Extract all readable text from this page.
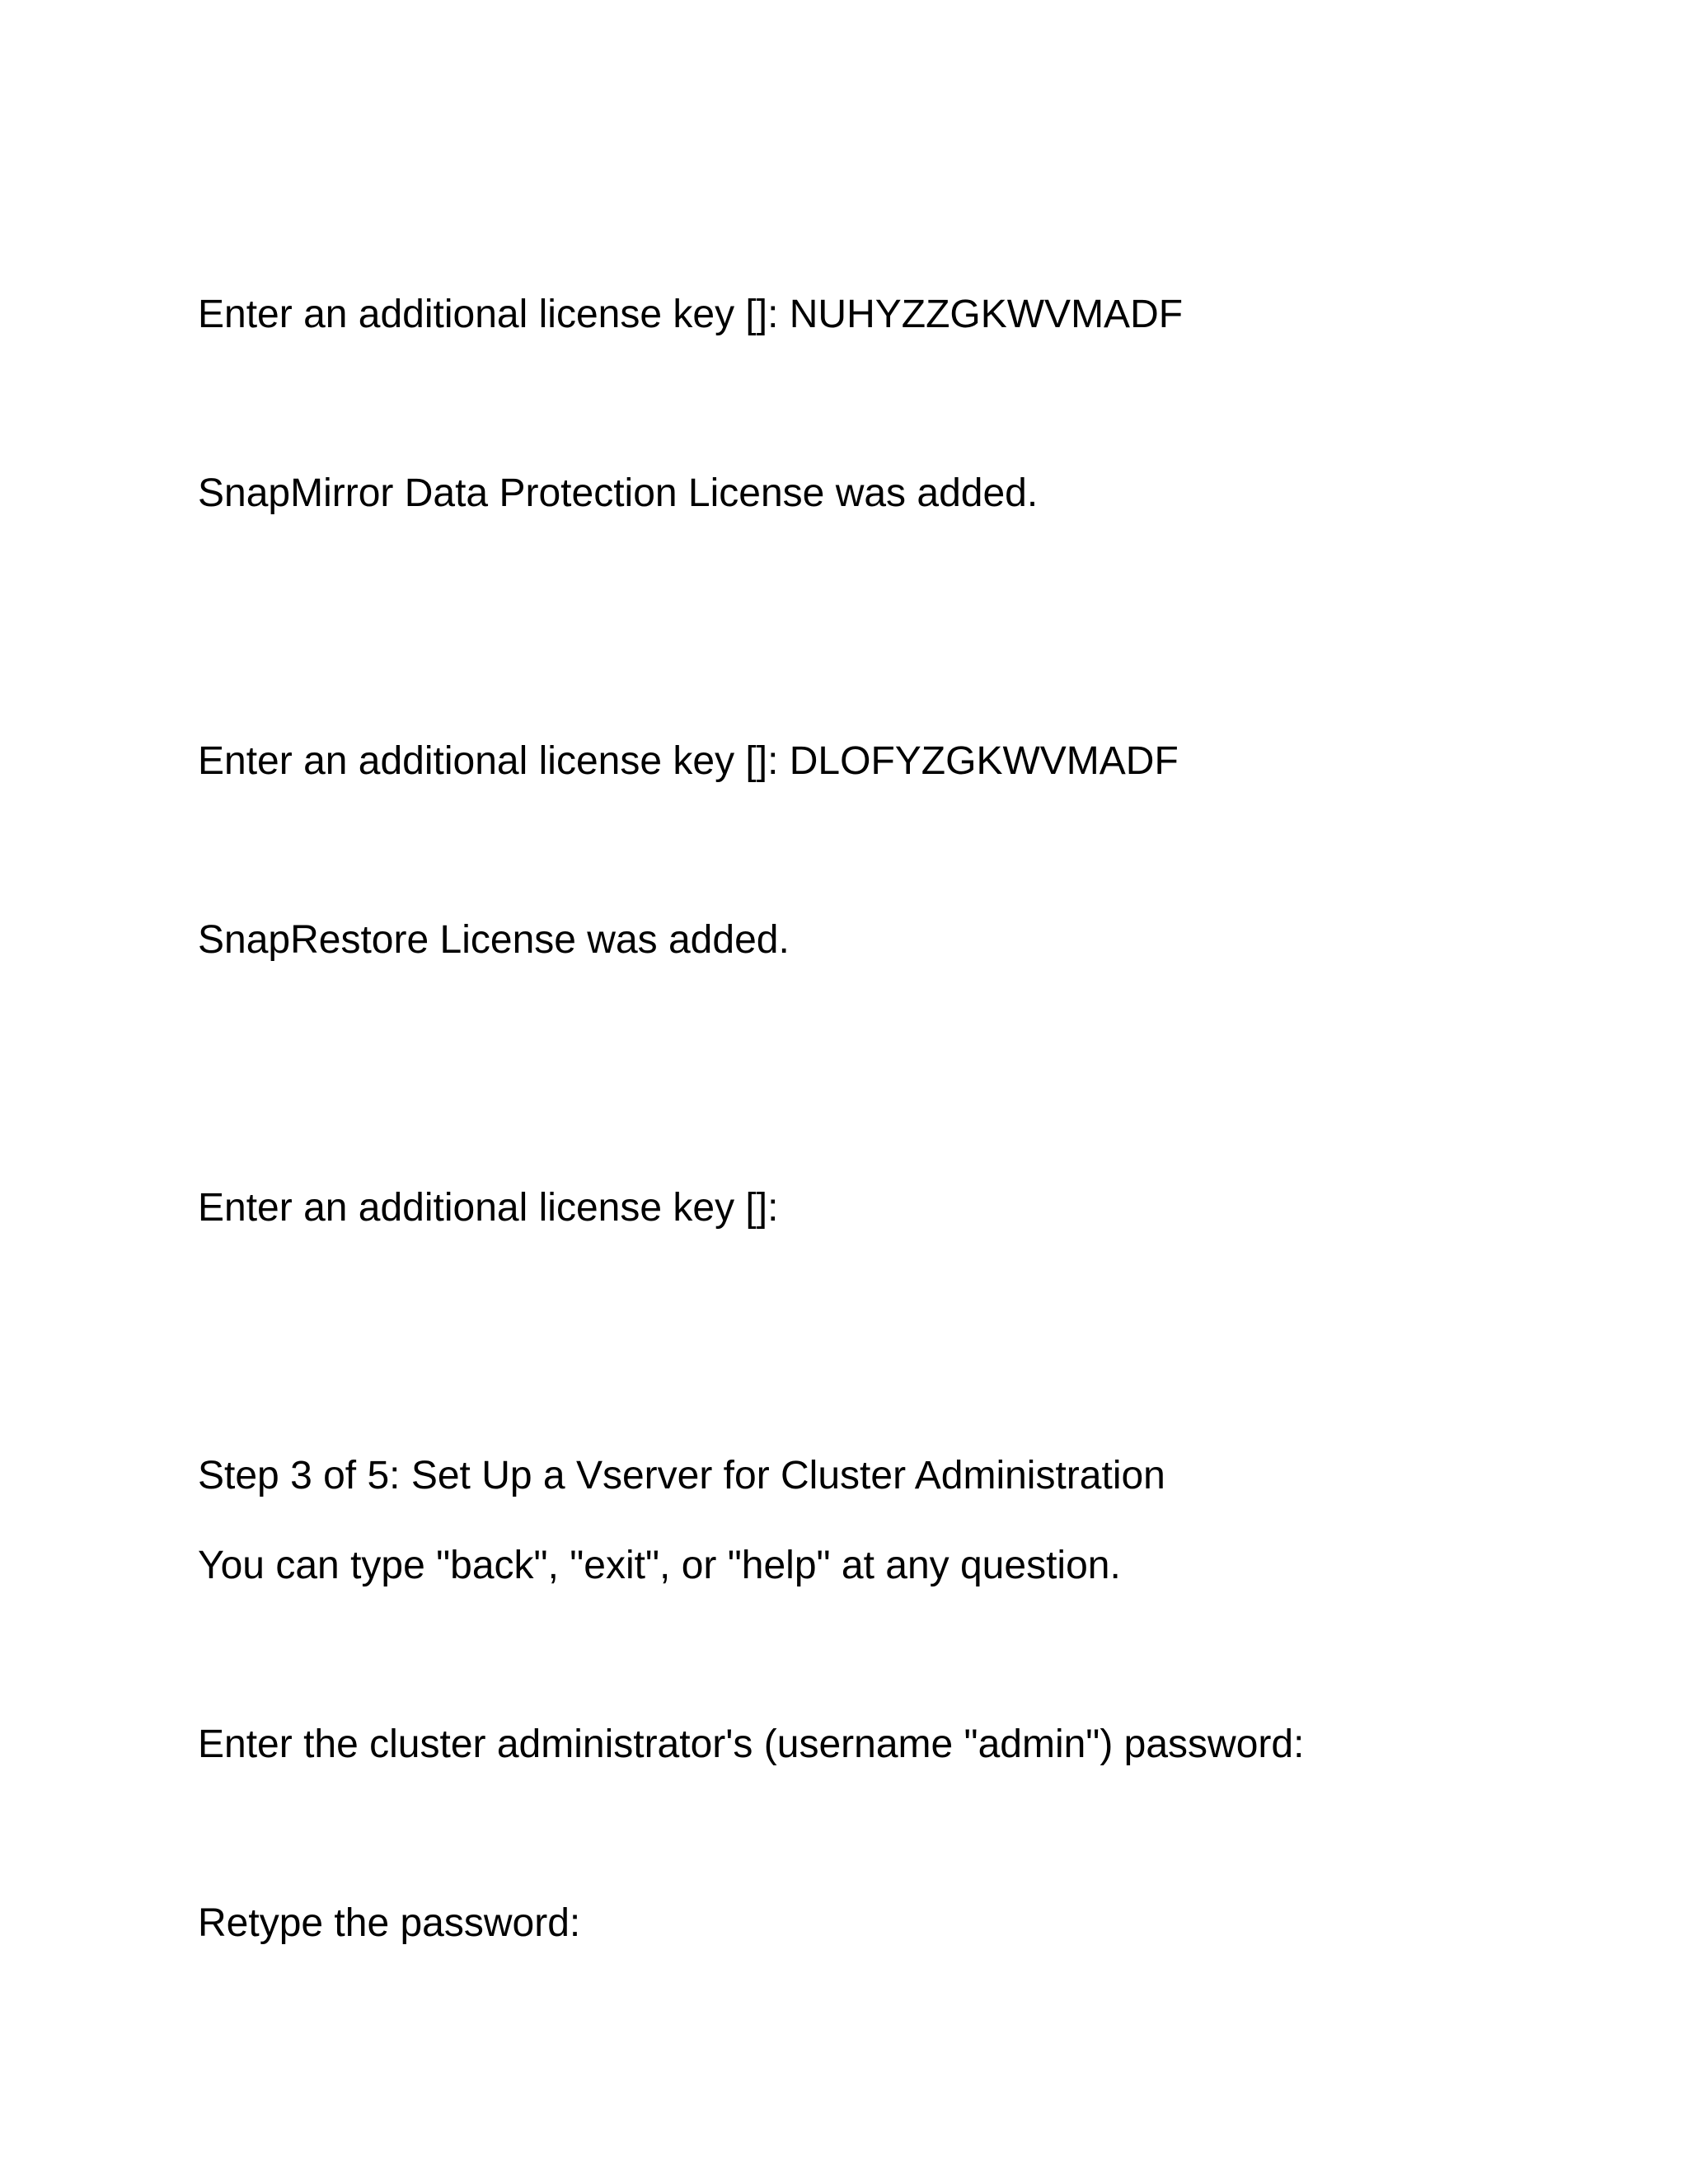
Enter an additional license key []: NUHYZZGKWVMADF

SnapMirror Data Protection License was added.

Enter an additional license key []: DLOFYZGKWVMADF

SnapRestore License was added.

Enter an additional license key []:

Step 3 of 5: Set Up a Vserver for Cluster Administration

You can type "back", "exit", or "help" at any question.

Enter the cluster administrator's (username "admin") password:

Retype the password:
